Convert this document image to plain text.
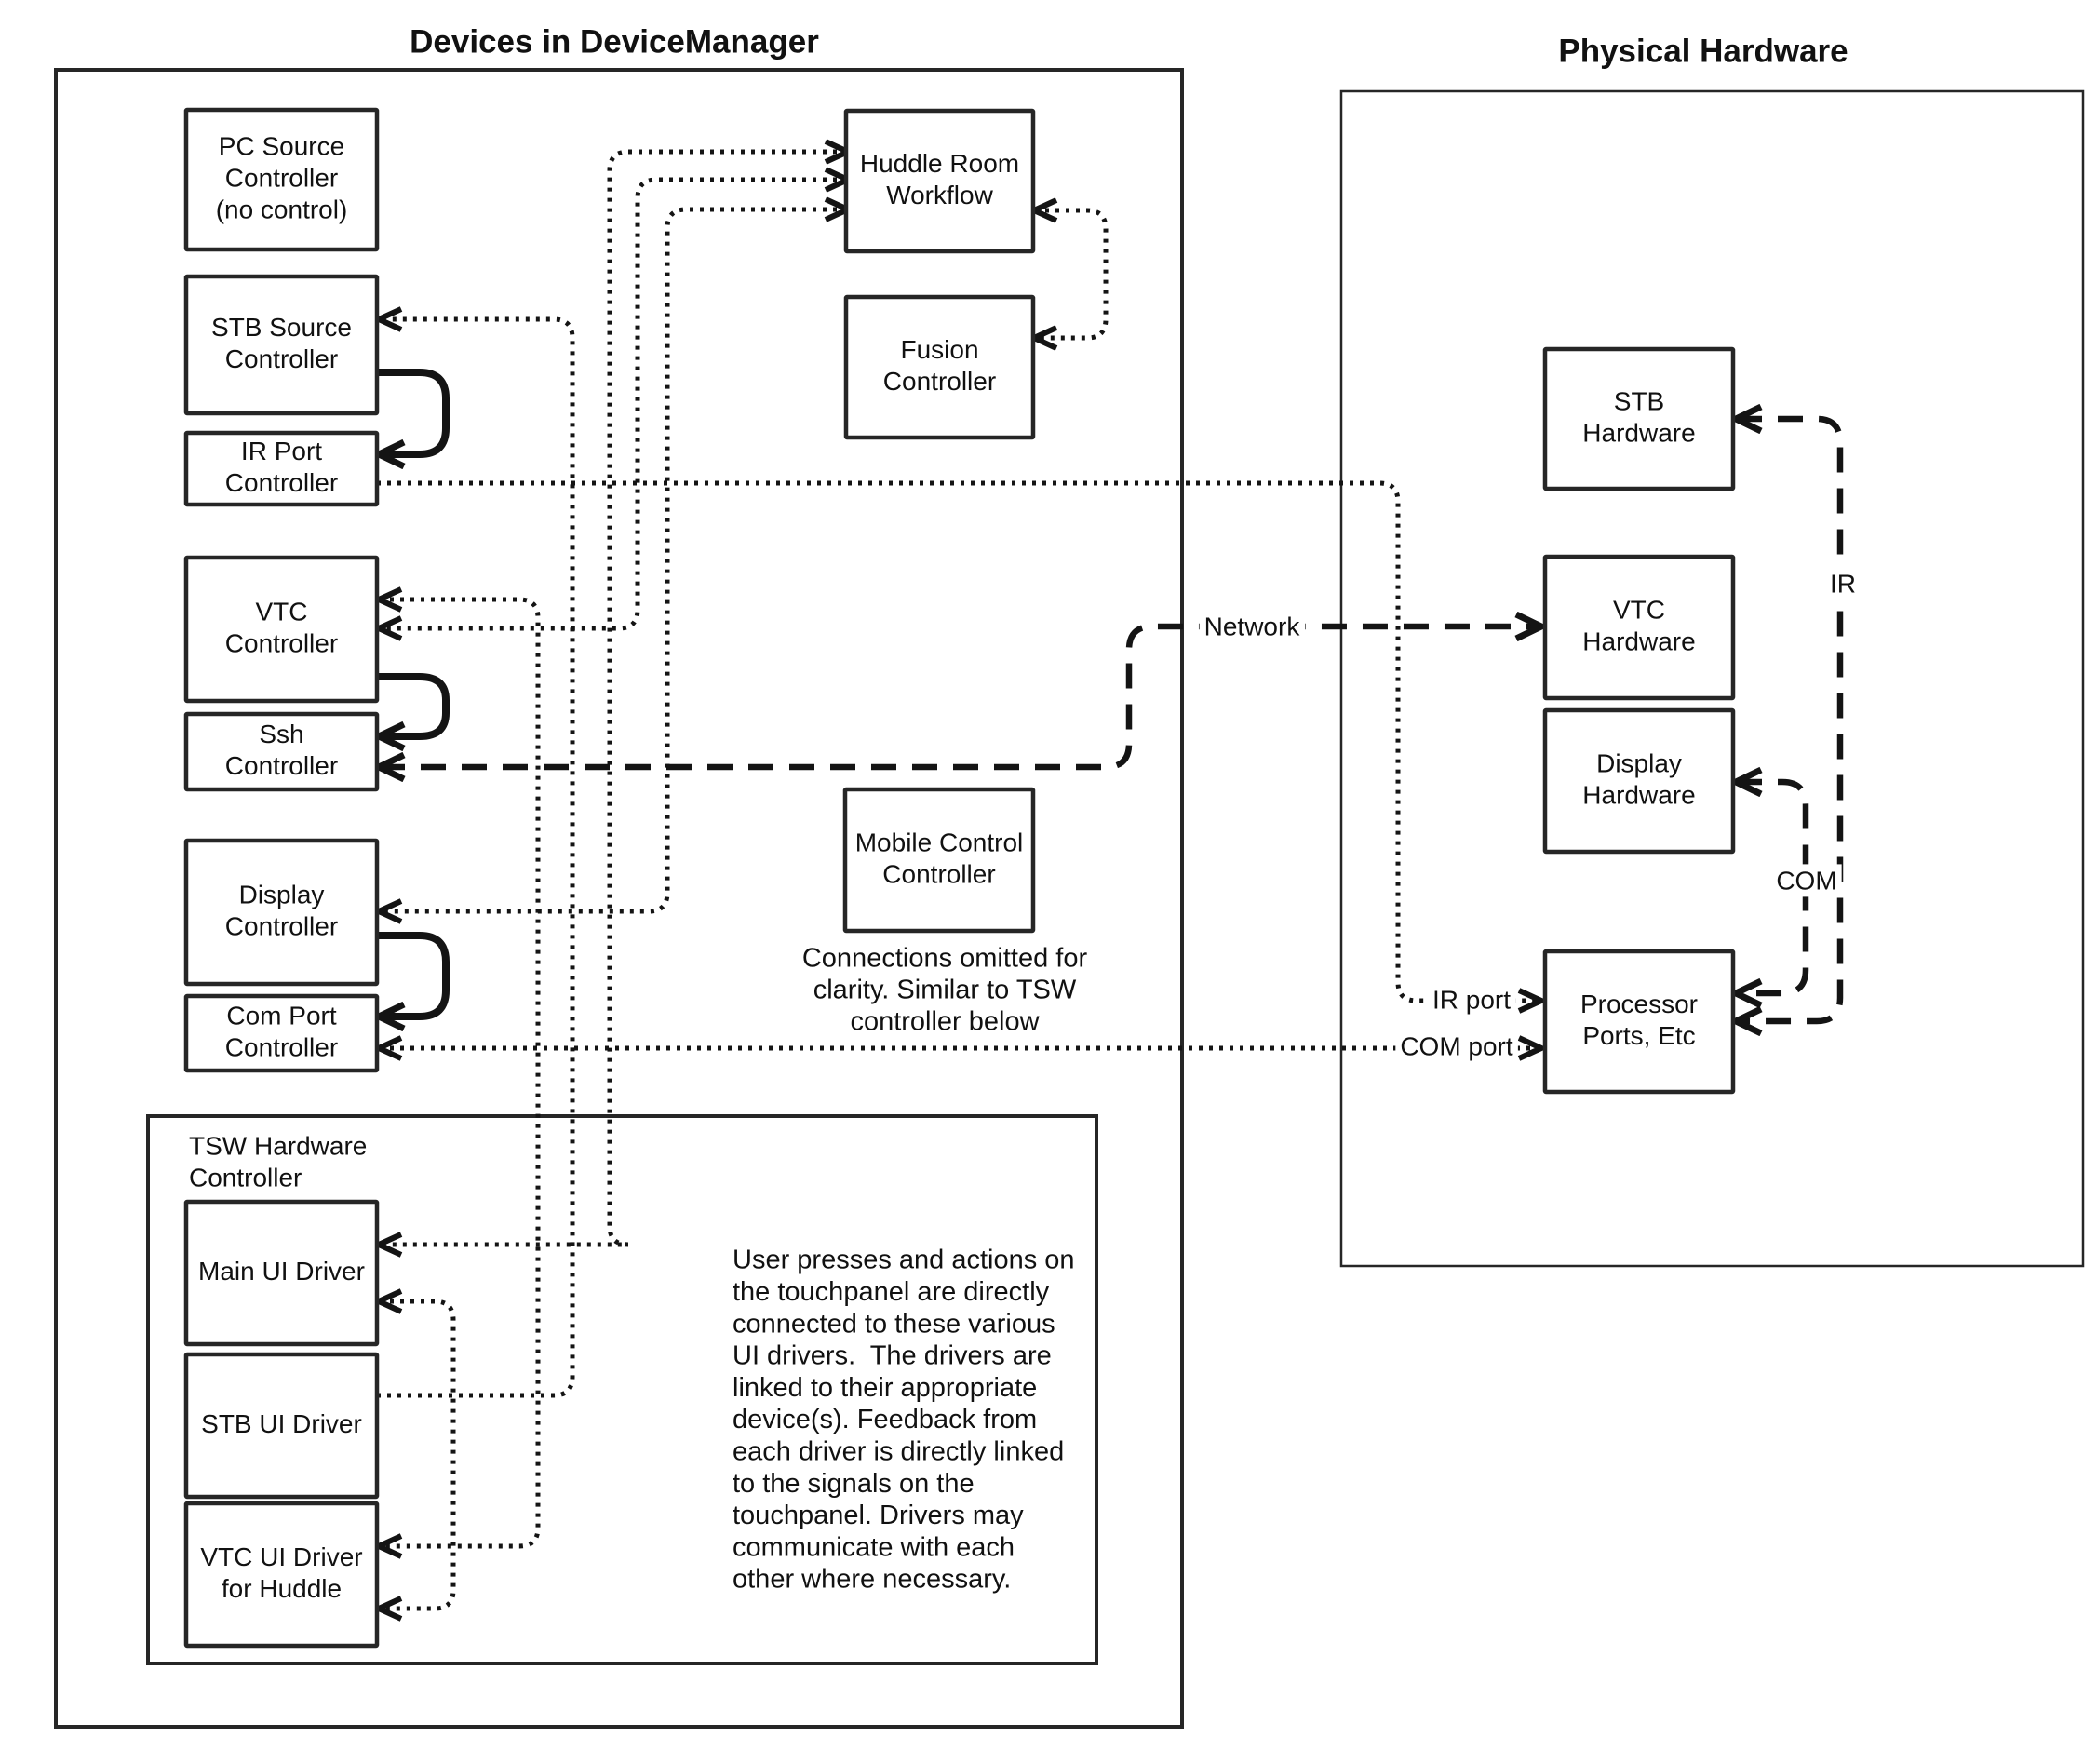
TSW Hardware Controller
Network
IR
COM
IR port
COM port
PC Source Controller (no control)
STB Source Controller
IR Port Controller
VTC Controller
Ssh Controller
Display Controller
Com Port Controller
Huddle Room Workflow
Fusion Controller
Mobile Control Controller
Main UI Driver
STB UI Driver
VTC UI Driver for Huddle
STB Hardware
VTC Hardware
Display Hardware
Processor Ports, Etc
Connections omitted for clarity. Similar to TSW controller below
User presses and actions on the touchpanel are directly connected to these various UI drivers.  The drivers are linked to their appropriate device(s). Feedback from each driver is directly linked to the signals on the touchpanel. Drivers may communicate with each other where necessary.
Devices in DeviceManager	Physical Hardware
